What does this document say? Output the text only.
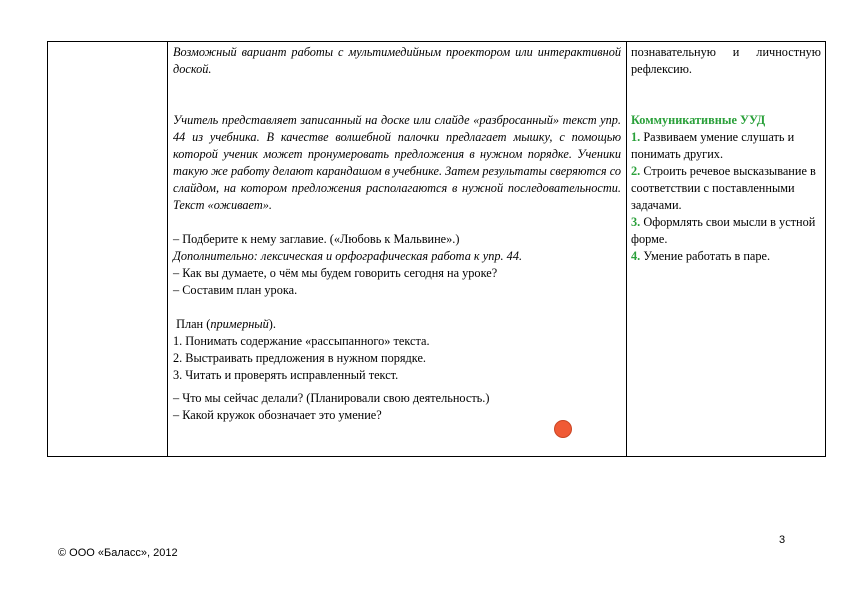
Возможный вариант работы с мультимедийным проектором или интерактивной доской.
Учитель представляет записанный на доске или слайде «разбросанный» текст упр. 44 из учебника. В качестве волшебной палочки предлагает мышку, с помощью которой ученик может пронумеровать предложения в нужном порядке. Ученики такую же работу делают карандашом в учебнике. Затем результаты сверяются со слайдом, на котором предложения располагаются в нужной последовательности. Текст «оживает».
– Подберите к нему заглавие. («Любовь к Мальвине».)
Дополнительно: лексическая и орфографическая работа к упр. 44.
– Как вы думаете, о чём мы будем говорить сегодня на уроке?
– Составим план урока.
План (примерный).
1. Понимать содержание «рассыпанного» текста.
2. Выстраивать предложения в нужном порядке.
3. Читать и проверять исправленный текст.
– Что мы сейчас делали? (Планировали свою деятельность.)
– Какой кружок обозначает это умение?
познавательную и личностную рефлексию.
Коммуникативные УУД
1. Развиваем умение слушать и понимать других.
2. Строить речевое высказывание в соответствии с поставленными задачами.
3. Оформлять свои мысли в устной форме.
4. Умение работать в паре.
3
© ООО «Баласс», 2012
